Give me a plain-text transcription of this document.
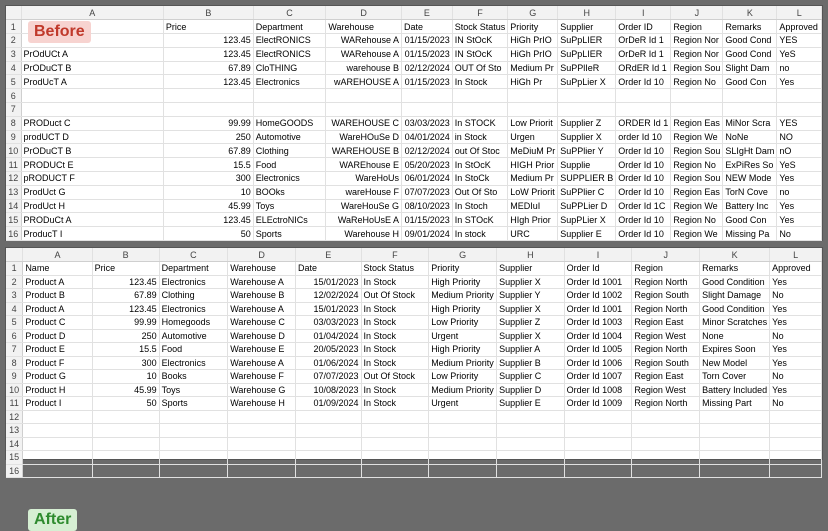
	A	B	C	D	E	F	G	H	I	J	K	L
1		Price	Department	Warehouse	Date	Stock Status	Priority	Supplier	Order ID	Region	Remarks	Approved
2		123.45	ElectRONICS	WARehouse A	01/15/2023	IN StOcK	HiGh PrIO	SuPpLIER	OrDeR Id 1	Region Nor	Good Cond	YES
3	PrOdUCt A	123.45	ElectRONICS	WARehouse A	01/15/2023	IN StOcK	HiGh PrIO	SuPpLIER	OrDeR Id 1	Region Nor	Good Cond	YeS
4	PrODuCT B	67.89	CloTHING	warehouse B	02/12/2024	OUT Of Sto	Medium Pr	SuPPlIeR	ORdER Id 1	Region Sou	Slight Dam	no
5	ProdUcT A	123.45	Electronics	wAREHOUSE A	01/15/2023	In Stock	HiGh Pr	SuPpLier X	Order Id 10	Region No	Good Con	Yes
6												
7												
8	PRODuct C	99.99	HomeGOODS	WAREHOUSE C	03/03/2023	In STOCK	Low Priorit	Supplier Z	ORDER Id 1	Region Eas	MiNor Scra	YES
9	prodUCT D	250	Automotive	WareHOuSe D	04/01/2024	in Stock	Urgen	Supplier X	order Id 10	Region We	NoNe	NO
10	PrODuCT B	67.89	Clothing	WAREHOUSE B	02/12/2024	out Of Stoc	MeDiuM Pr	SuPPlier Y	Order Id 10	Region Sou	SLIgHt Dam	nO
11	PRODUCt E	15.5	Food	WAREhouse E	05/20/2023	In StOcK	HIGH Prior	Supplie	Order Id 10	Region No	ExPiRes So	YeS
12	pRODUCT F	300	Electronics	WareHoUs	06/01/2024	In StoCk	Medium Pr	SUPPLIER B	Order Id 10	Region Sou	NEW Mode	Yes
13	ProdUct G	10	BOOks	wareHouse F	07/07/2023	Out Of Sto	LoW Priorit	SuPPlier C	Order Id 10	Region Eas	TorN Cove	no
14	ProdUct H	45.99	Toys	WareHouSe G	08/10/2023	In Stoch	MEDIuI	SuPPLier D	Order Id 1C	Region We	Battery Inc	Yes
15	PRODuCt A	123.45	ELEctroNICs	WaReHoUsE A	01/15/2023	In STOcK	HIgh Prior	SupPLier X	Order Id 10	Region No	Good Con	Yes
16	ProducT I	50	Sports	Warehouse H	09/01/2024	In stock	URC	Supplier E	Order Id 10	Region We	Missing Pa	No
Before
	A	B	C	D	E	F	G	H	I	J	K	L
1	Name	Price	Department	Warehouse	Date	Stock Status	Priority	Supplier	Order Id	Region	Remarks	Approved
2	Product A	123.45	Electronics	Warehouse A	15/01/2023	In Stock	High Priority	Supplier X	Order Id 1001	Region North	Good Condition	Yes
3	Product B	67.89	Clothing	Warehouse B	12/02/2024	Out Of Stock	Medium Priority	Supplier Y	Order Id 1002	Region South	Slight Damage	No
4	Product A	123.45	Electronics	Warehouse A	15/01/2023	In Stock	High Priority	Supplier X	Order Id 1001	Region North	Good Condition	Yes
5	Product C	99.99	Homegoods	Warehouse C	03/03/2023	In Stock	Low Priority	Supplier Z	Order Id 1003	Region East	Minor Scratches	Yes
6	Product D	250	Automotive	Warehouse D	01/04/2024	In Stock	Urgent	Supplier X	Order Id 1004	Region West	None	No
7	Product E	15.5	Food	Warehouse E	20/05/2023	In Stock	High Priority	Supplier A	Order Id 1005	Region North	Expires Soon	Yes
8	Product F	300	Electronics	Warehouse A	01/06/2024	In Stock	Medium Priority	Supplier B	Order Id 1006	Region South	New Model	Yes
9	Product G	10	Books	Warehouse F	07/07/2023	Out Of Stock	Low Priority	Supplier C	Order Id 1007	Region East	Torn Cover	No
10	Product H	45.99	Toys	Warehouse G	10/08/2023	In Stock	Medium Priority	Supplier D	Order Id 1008	Region West	Battery Included	Yes
11	Product I	50	Sports	Warehouse H	01/09/2024	In Stock	Urgent	Supplier E	Order Id 1009	Region North	Missing Part	No
12												
13												
14												
15												
16												
After
